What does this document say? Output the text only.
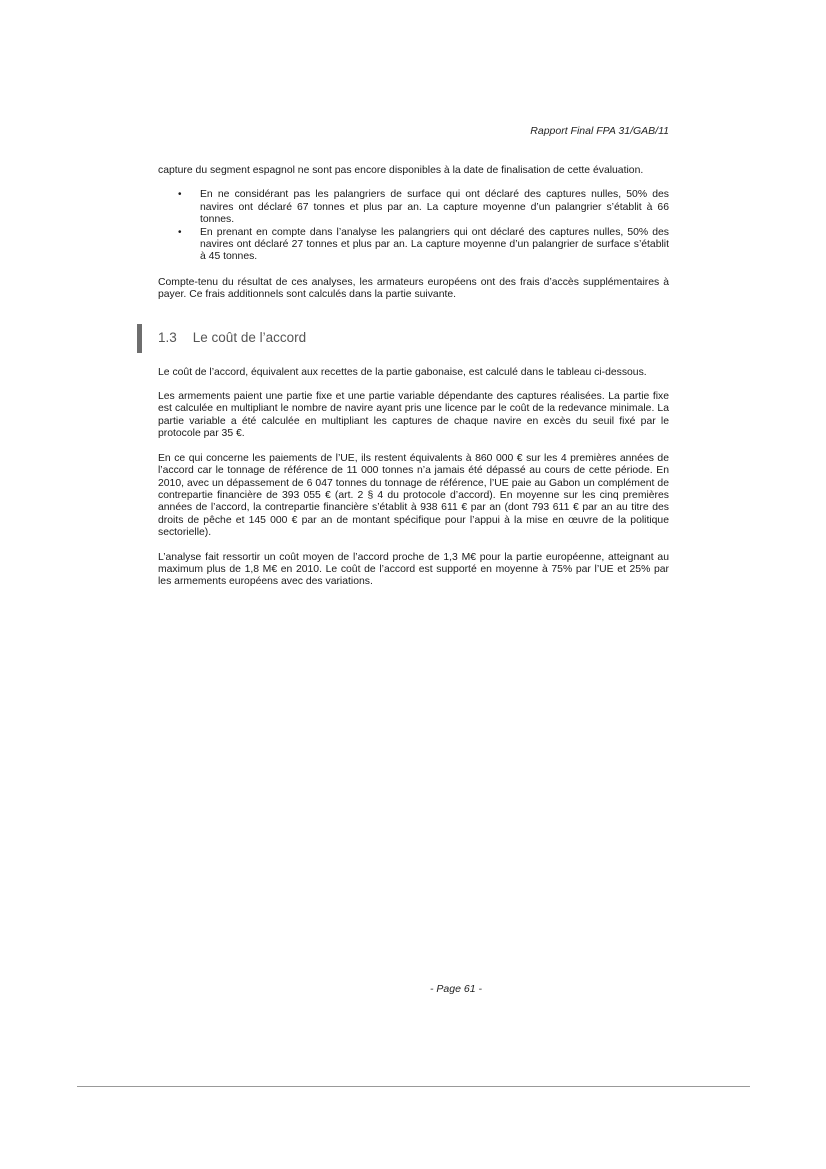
Rapport Final FPA 31/GAB/11

capture du segment espagnol ne sont pas encore disponibles à la date de finalisation de cette évaluation.

• En ne considérant pas les palangriers de surface qui ont déclaré des captures nulles, 50% des navires ont déclaré 67 tonnes et plus par an. La capture moyenne d’un palangrier s’établit à 66 tonnes.
• En prenant en compte dans l’analyse les palangriers qui ont déclaré des captures nulles, 50% des navires ont déclaré 27 tonnes et plus par an. La capture moyenne d’un palangrier de surface s’établit à 45 tonnes.

Compte-tenu du résultat de ces analyses, les armateurs européens ont des frais d’accès supplémentaires à payer. Ce frais additionnels sont calculés dans la partie suivante.

1.3 Le coût de l’accord

Le coût de l’accord, équivalent aux recettes de la partie gabonaise, est calculé dans le tableau ci-dessous.

Les armements paient une partie fixe et une partie variable dépendante des captures réalisées. La partie fixe est calculée en multipliant le nombre de navire ayant pris une licence par le coût de la redevance minimale. La partie variable a été calculée en multipliant les captures de chaque navire en excès du seuil fixé par le protocole par 35 €.

En ce qui concerne les paiements de l’UE, ils restent équivalents à 860 000 € sur les 4 premières années de l’accord car le tonnage de référence de 11 000 tonnes n’a jamais été dépassé au cours de cette période. En 2010, avec un dépassement de 6 047 tonnes du tonnage de référence, l’UE paie au Gabon un complément de contrepartie financière de 393 055 € (art. 2 § 4 du protocole d’accord). En moyenne sur les cinq premières années de l’accord, la contrepartie financière s’établit à 938 611 € par an (dont 793 611 € par an au titre des droits de pêche et 145 000 € par an de montant spécifique pour l’appui à la mise en œuvre de la politique sectorielle).

L’analyse fait ressortir un coût moyen de l’accord proche de 1,3 M€ pour la partie européenne, atteignant au maximum plus de 1,8 M€ en 2010. Le coût de l’accord est supporté en moyenne à 75% par l’UE et 25% par les armements européens avec des variations.

- Page 61 -
